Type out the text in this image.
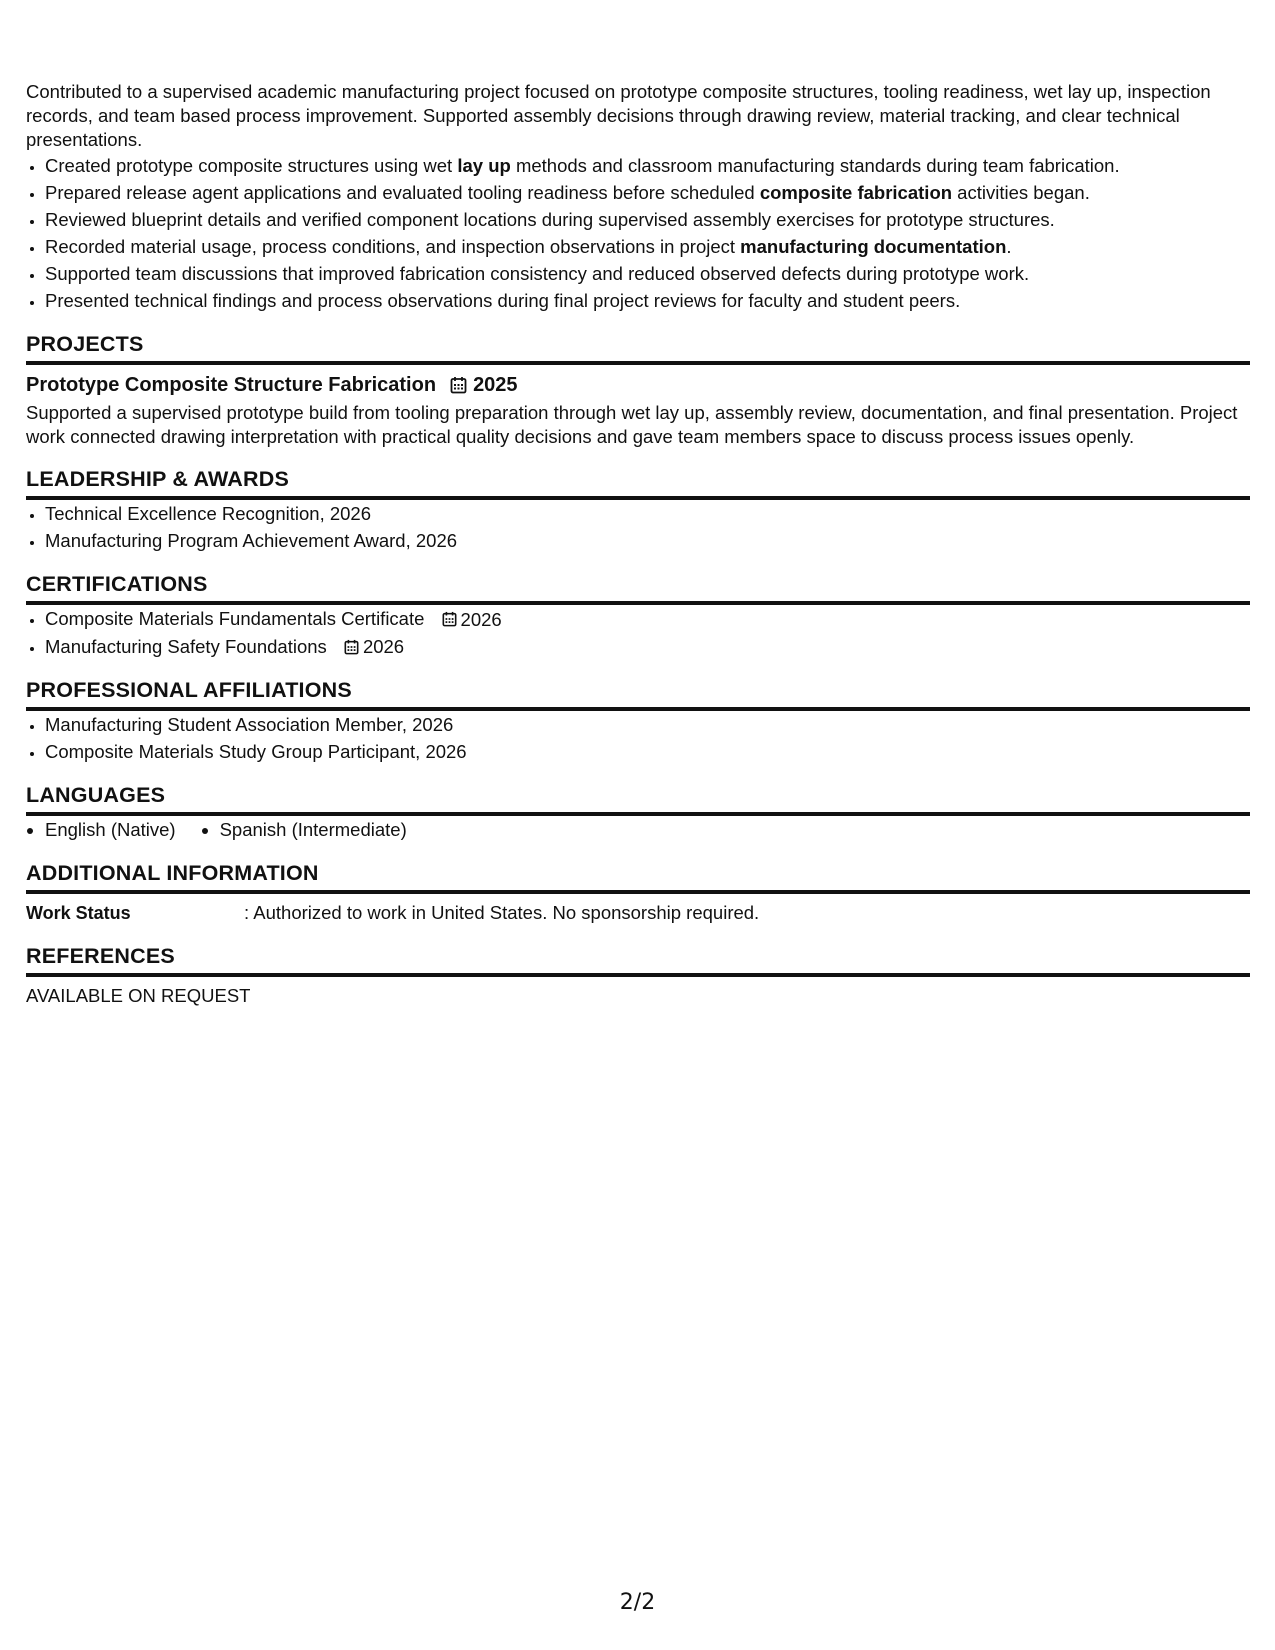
Contributed to a supervised academic manufacturing project focused on prototype composite structures, tooling readiness, wet lay up, inspection records, and team based process improvement. Supported assembly decisions through drawing review, material tracking, and clear technical presentations.

• Created prototype composite structures using wet lay up methods and classroom manufacturing standards during team fabrication.
• Prepared release agent applications and evaluated tooling readiness before scheduled composite fabrication activities began.
• Reviewed blueprint details and verified component locations during supervised assembly exercises for prototype structures.
• Recorded material usage, process conditions, and inspection observations in project manufacturing documentation.
• Supported team discussions that improved fabrication consistency and reduced observed defects during prototype work.
• Presented technical findings and process observations during final project reviews for faculty and student peers.
PROJECTS
Prototype Composite Structure Fabrication 2025
Supported a supervised prototype build from tooling preparation through wet lay up, assembly review, documentation, and final presentation. Project work connected drawing interpretation with practical quality decisions and gave team members space to discuss process issues openly.
LEADERSHIP & AWARDS
• Technical Excellence Recognition, 2026
• Manufacturing Program Achievement Award, 2026
CERTIFICATIONS
• Composite Materials Fundamentals Certificate 2026
• Manufacturing Safety Foundations 2026
PROFESSIONAL AFFILIATIONS
• Manufacturing Student Association Member, 2026
• Composite Materials Study Group Participant, 2026
LANGUAGES
• English (Native)
• Spanish (Intermediate)
ADDITIONAL INFORMATION
Work Status	: Authorized to work in United States. No sponsorship required.
REFERENCES
AVAILABLE ON REQUEST
2/2
